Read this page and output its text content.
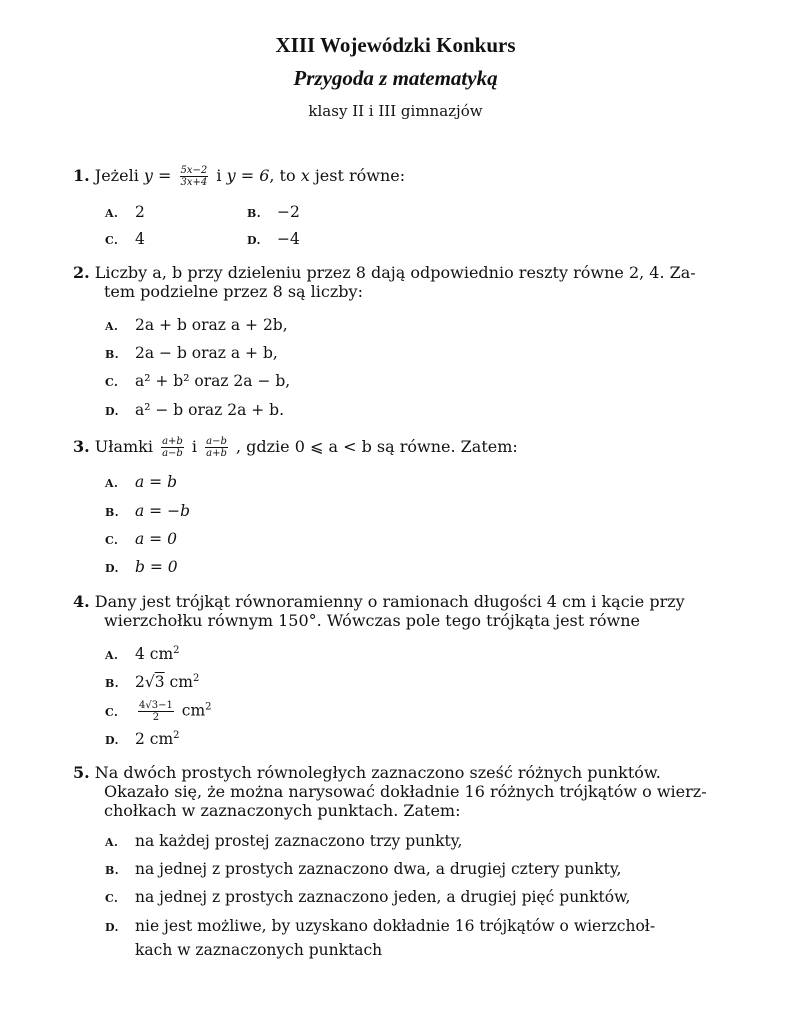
XIII Wojewódzki Konkurs
Przygoda z matematyką
klasy II i III gimnazjów
1. Jeżeli $y = \frac{5x-2}{3x+4}$ i y = 6, to x jest równe:
A. 2	B. −2
C. 4	D. −4
2. Liczby a, b przy dzieleniu przez 8 dają odpowiednio reszty równe 2, 4. Za-
tem podzielne przez 8 są liczby:
A. 2a + b oraz a + 2b,
B. 2a − b oraz a + b,
C. a² + b² oraz 2a − b,
D. a² − b oraz 2a + b.
3. Ułamki $\frac{a+b}{a-b}$ i $\frac{a-b}{a+b}$ , gdzie 0 ⩽ a < b są równe. Zatem:
A. a = b
B. a = −b
C. a = 0
D. b = 0
4. Dany jest trójkąt równoramienny o ramionach długości 4 cm i kącie przy
wierzchołku równym 150°. Wówczas pole tego trójkąta jest równe
A. 4 $cm^2$
B. 2√3 $cm^2$
C. $\frac{4√3-1}{2} cm^2$
D. 2 $cm^2$
5. Na dwóch prostych równoległych zaznaczono sześć różnych punktów.
Okazało się, że można narysować dokładnie 16 różnych trójkątów o wierz-
chołkach w zaznaczonych punktach. Zatem:
A. na każdej prostej zaznaczono trzy punkty,
B. na jednej z prostych zaznaczono dwa, a drugiej cztery punkty,
C. na jednej z prostych zaznaczono jeden, a drugiej pięć punktów,
D. nie jest możliwe, by uzyskano dokładnie 16 trójkątów o wierzchoł-
kach w zaznaczonych punktach
